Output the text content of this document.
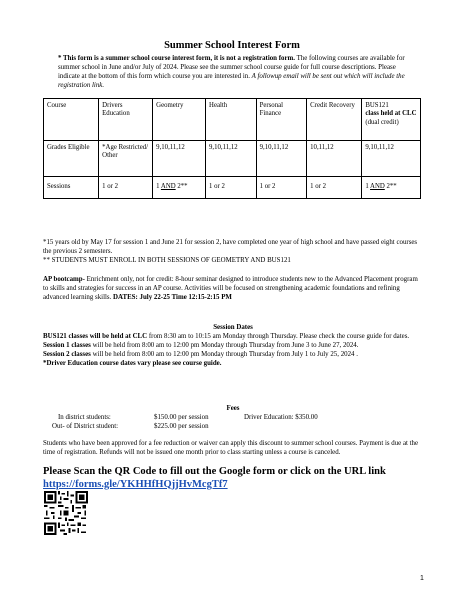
Summer School Interest Form
* This form is a summer school course interest form, it is not a registration form. The following courses are available for summer school in June and/or July of 2024. Please see the summer school course guide for full course descriptions. Please indicate at the bottom of this form which course you are interested in. A followup email will be sent out which will include the registration link.
Course	Drivers Education	Geometry	Health	Personal Finance	Credit Recovery	BUS121
class held at CLC
(dual credit)

Grades Eligible	*Age Restricted/ Other	9,10,11,12	9,10,11,12	9,10,11,12	10,11,12	9,10,11,12
Sessions	1 or 2	1 AND 2**	1 or 2	1 or 2	1 or 2	1 AND 2**
*15 years old by May 17 for session 1 and June 21 for session 2, have completed one year of high school and have passed eight courses the previous 2 semesters.
** STUDENTS MUST ENROLL IN BOTH SESSIONS OF GEOMETRY AND BUS121
AP bootcamp- Enrichment only, not for credit: 8-hour seminar designed to introduce students new to the Advanced Placement program to skills and strategies for success in an AP course. Activities will be focused on strengthening academic foundations and refining advanced learning skills. DATES: July 22-25 Time 12:15-2:15 PM
Session Dates
BUS121 classes will be held at CLC from 8:30 am to 10:15 am Monday through Thursday. Please check the course guide for dates.
Session 1 classes will be held from 8:00 am to 12:00 pm Monday through Thursday from June 3 to June 27, 2024.
Session 2 classes will be held from 8:00 am to 12:00 pm Monday through Thursday from July 1 to July 25, 2024 .
*Driver Education course dates vary please see course guide.
Fees
In district students:	$150.00 per session	Driver Education: $350.00
Out- of District student:	$225.00 per session
Students who have been approved for a fee reduction or waiver can apply this discount to summer school courses. Payment is due at the time of registration. Refunds will not be issued one month prior to class starting unless a course is canceled.
Please Scan the QR Code to fill out the Google form or click on the URL link
https://forms.gle/YKHHfHQjjHvMcgTf7
1
